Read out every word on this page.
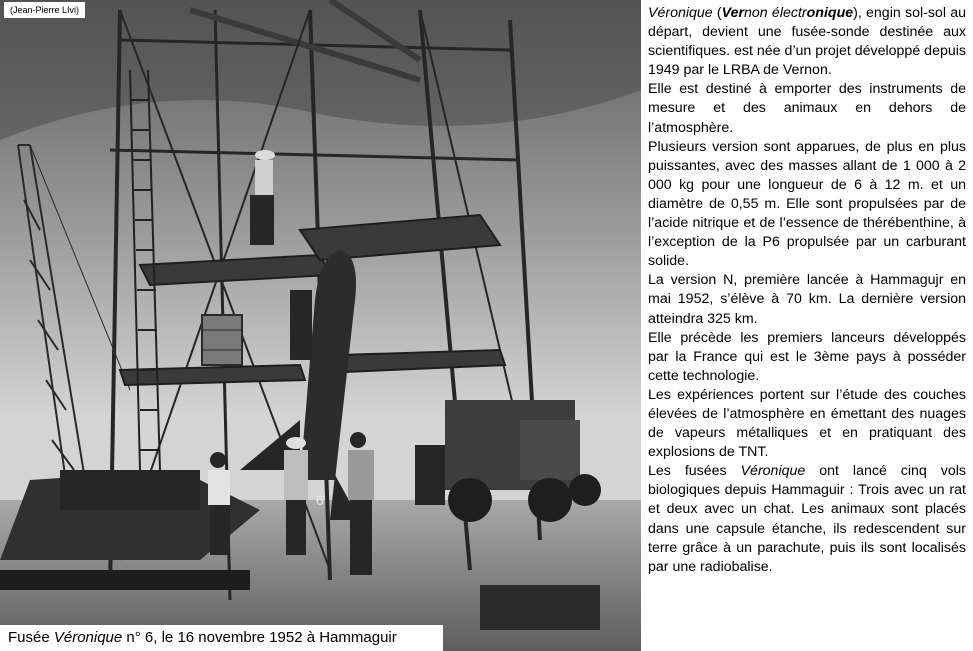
6
(Jean-Pierre LIvi)
Fusée Véronique n° 6, le 16 novembre 1952 à Hammaguir

Véronique (Vernon électronique), engin sol-sol au départ, devient une fusée-sonde destinée aux scientifiques. est née d’un projet développé depuis 1949 par le LRBA de Vernon.

Elle est destiné à emporter des instruments de mesure et des animaux en dehors de l’atmosphère.

Plusieurs version sont apparues, de plus en plus puissantes, avec des masses allant de 1 000 à 2 000 kg pour une longueur de 6 à 12 m. et un diamètre de 0,55 m. Elle sont propulsées par de l’acide nitrique et de l’essence de thérébenthine, à l’exception de la P6 propulsée par un carburant solide.

La version N, première lancée à Hammagujr en mai 1952, s’élève à 70 km. La dernière version atteindra 325 km.

Elle précède les premiers lanceurs développés par la France qui est le 3ème pays à posséder cette technologie.

Les expériences portent sur l’étude des couches élevées de l’atmosphère en émettant des nuages de vapeurs métalliques et en pratiquant des explosions de TNT.

Les fusées Véronique ont lancé cinq vols biologiques depuis Hammaguir : Trois avec un rat et deux avec un chat. Les animaux sont placés dans une capsule étanche, ils redescendent sur terre grâce à un parachute, puis ils sont localisés par une radiobalise.
